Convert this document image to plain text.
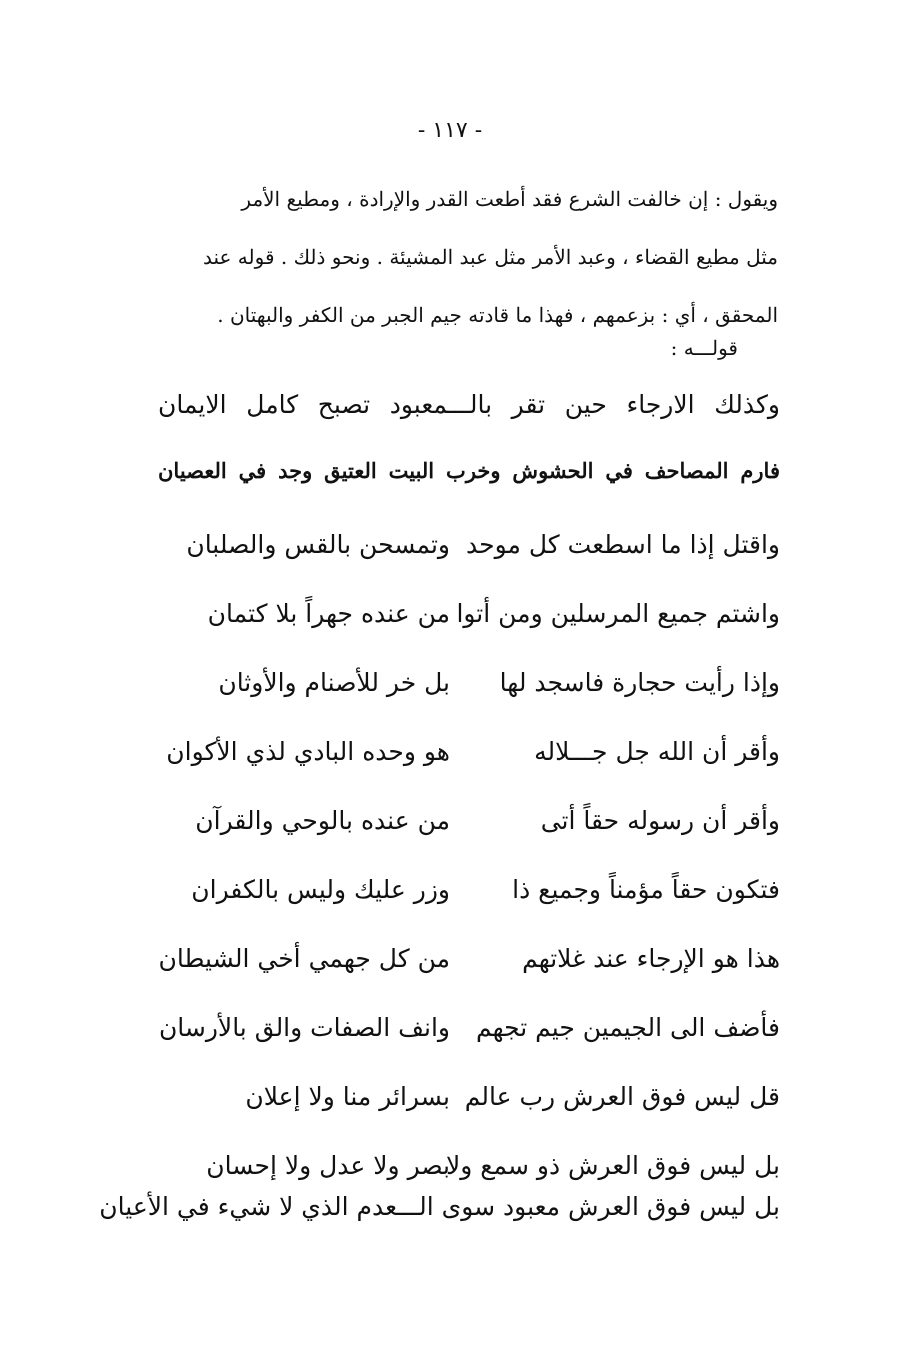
- ١١٧ -

ويقول : إن خالفت الشرع فقد أطعت القدر والإرادة ، ومطيع الأمر

مثل مطيع القضاء ، وعبد الأمر مثل عبد المشيئة . ونحو ذلك . قوله عند

المحقق ، أي : بزعمهم ، فهذا ما قادته جيم الجبر من الكفر والبهتان .

قولـــه :
وكذلك الارجاء حين تقر بالـــمعبود تصبح كامل الايمان
فارم المصاحف في الحشوش وخرب البيت العتيق وجد في العصيان
واقتل إذا ما اسطعت كل موحد
وتمسحن بالقس والصلبان
واشتم جميع المرسلين ومن أتوا
من عنده جهراً بلا كتمان
وإذا رأيت حجارة فاسجد لها
بل خر للأصنام والأوثان
وأقر أن الله جل جـــلاله
هو وحده البادي لذي الأكوان
وأقر أن رسوله حقاً أتى
من عنده بالوحي والقرآن
فتكون حقاً مؤمناً وجميع ذا
وزر عليك وليس بالكفران
هذا هو الإرجاء عند غلاتهم
من كل جهمي أخي الشيطان
فأضف الى الجيمين جيم تجهم
وانف الصفات والق بالأرسان
قل ليس فوق العرش رب عالم
بسرائر منا ولا إعلان
بل ليس فوق العرش ذو سمع ولا
بصر ولا عدل ولا إحسان
بل ليس فوق العرش معبود سوى الـــعدم الذي لا شيء في الأعيان
